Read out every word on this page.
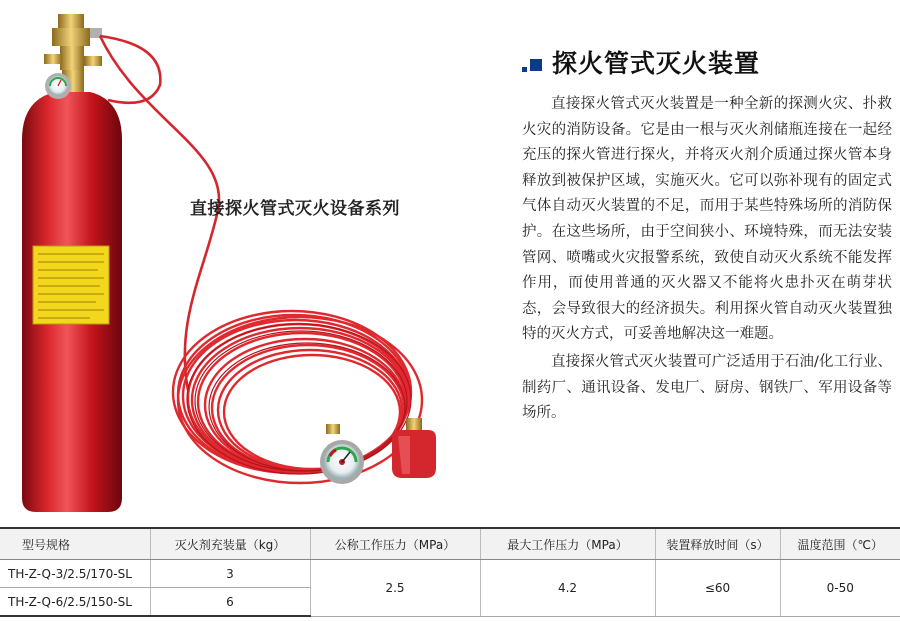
直接探火管式灭火设备系列
探火管式灭火装置

直接探火管式灭火装置是一种全新的探测火灾、扑救火灾的消防设备。它是由一根与灭火剂储瓶连接在一起经充压的探火管进行探火，并将灭火剂介质通过探火管本身释放到被保护区域，实施灭火。它可以弥补现有的固定式气体自动灭火装置的不足，而用于某些特殊场所的消防保护。在这些场所，由于空间狭小、环境特殊，而无法安装管网、喷嘴或火灾报警系统，致使自动灭火系统不能发挥作用，而使用普通的灭火器又不能将火患扑灭在萌芽状态，会导致很大的经济损失。利用探火管自动灭火装置独特的灭火方式，可妥善地解决这一难题。

直接探火管式灭火装置可广泛适用于石油/化工行业、制药厂、通讯设备、发电厂、厨房、钢铁厂、军用设备等场所。

型号规格	灭火剂充装量（kg）	公称工作压力（MPa）	最大工作压力（MPa）	装置释放时间（s）	温度范围（℃）
TH-Z-Q-3/2.5/170-SL	3	2.5	4.2	≤60	0-50
TH-Z-Q-6/2.5/150-SL	6				
